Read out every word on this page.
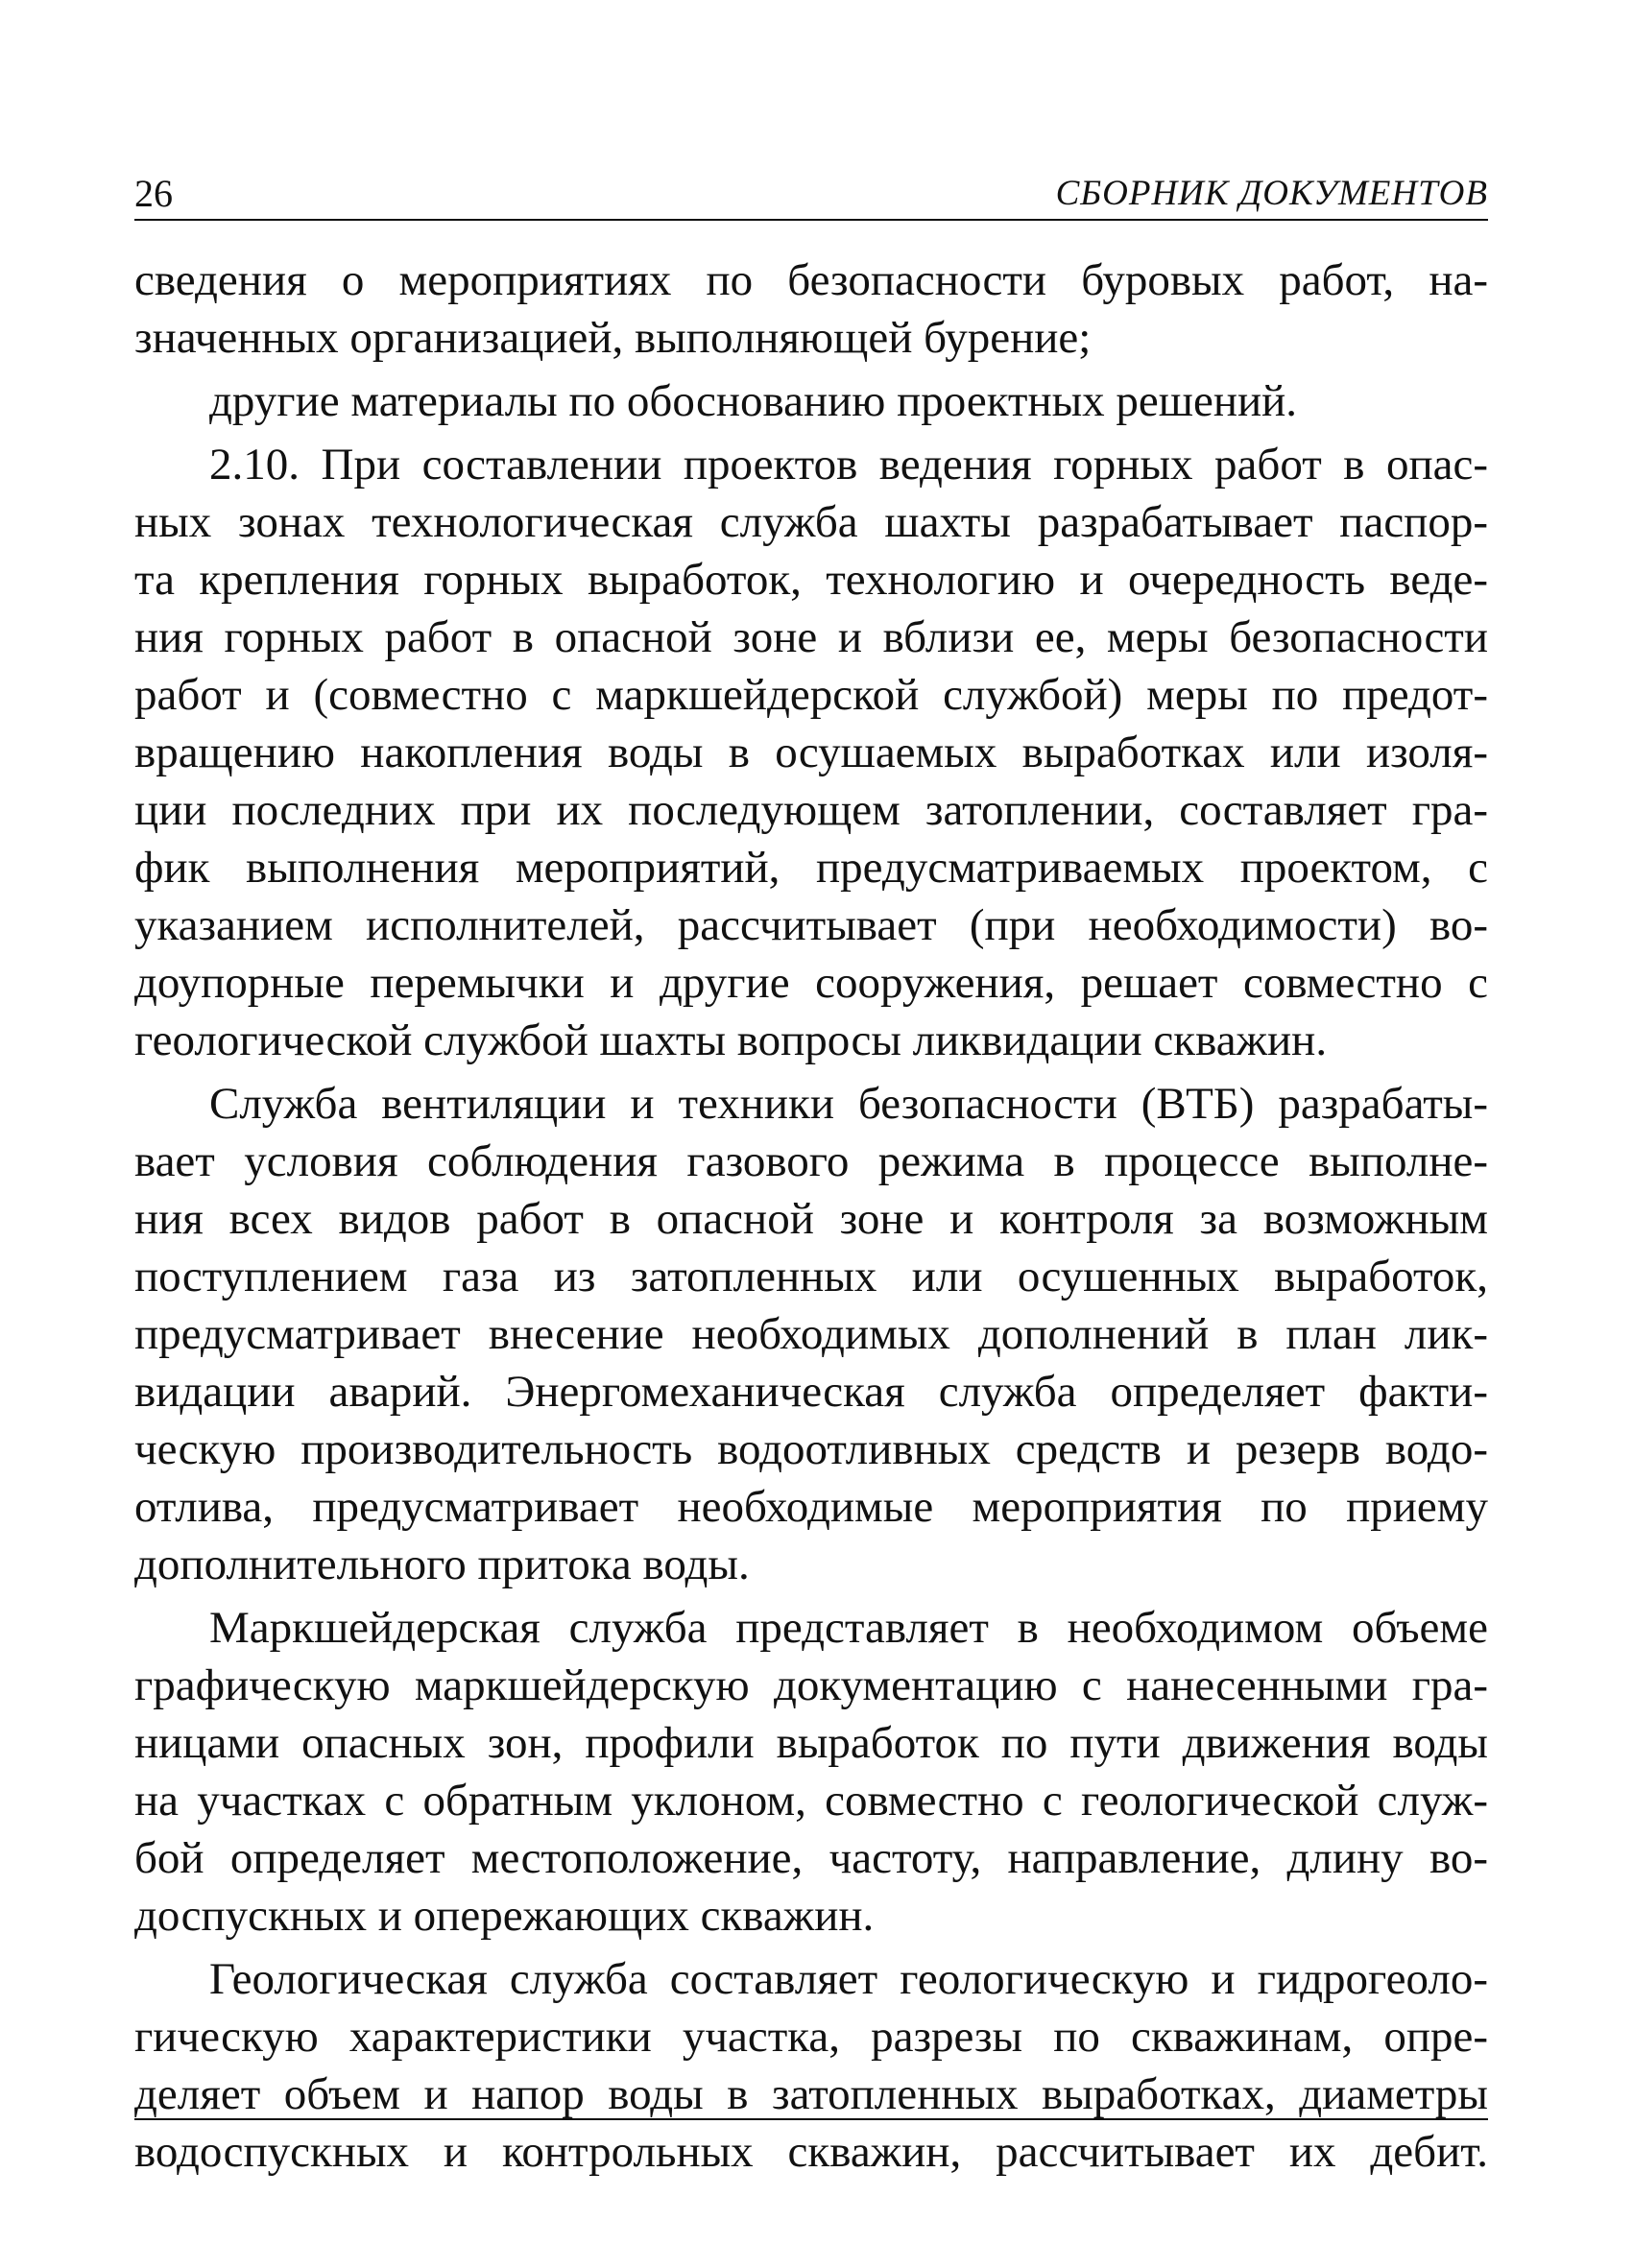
26	СБОРНИК ДОКУМЕНТОВ

сведения о мероприятиях по безопасности буровых работ, на-
значенных организацией, выполняющей бурение;

другие материалы по обоснованию проектных решений.

2.10. При составлении проектов ведения горных работ в опас-
ных зонах технологическая служба шахты разрабатывает паспор-
та крепления горных выработок, технологию и очередность веде-
ния горных работ в опасной зоне и вблизи ее, меры безопасности
работ и (совместно с маркшейдерской службой) меры по предот-
вращению накопления воды в осушаемых выработках или изоля-
ции последних при их последующем затоплении, составляет гра-
фик выполнения мероприятий, предусматриваемых проектом, с
указанием исполнителей, рассчитывает (при необходимости) во-
доупорные перемычки и другие сооружения, решает совместно с
геологической службой шахты вопросы ликвидации скважин.

Служба вентиляции и техники безопасности (ВТБ) разрабаты-
вает условия соблюдения газового режима в процессе выполне-
ния всех видов работ в опасной зоне и контроля за возможным
поступлением газа из затопленных или осушенных выработок,
предусматривает внесение необходимых дополнений в план лик-
видации аварий. Энергомеханическая служба определяет факти-
ческую производительность водоотливных средств и резерв водо-
отлива, предусматривает необходимые мероприятия по приему
дополнительного притока воды.

Маркшейдерская служба представляет в необходимом объеме
графическую маркшейдерскую документацию с нанесенными гра-
ницами опасных зон, профили выработок по пути движения воды
на участках с обратным уклоном, совместно с геологической служ-
бой определяет местоположение, частоту, направление, длину во-
доспускных и опережающих скважин.

Геологическая служба составляет геологическую и гидрогеоло-
гическую характеристики участка, разрезы по скважинам, опре-
деляет объем и напор воды в затопленных выработках, диаметры
водоспускных и контрольных скважин, рассчитывает их дебит.
